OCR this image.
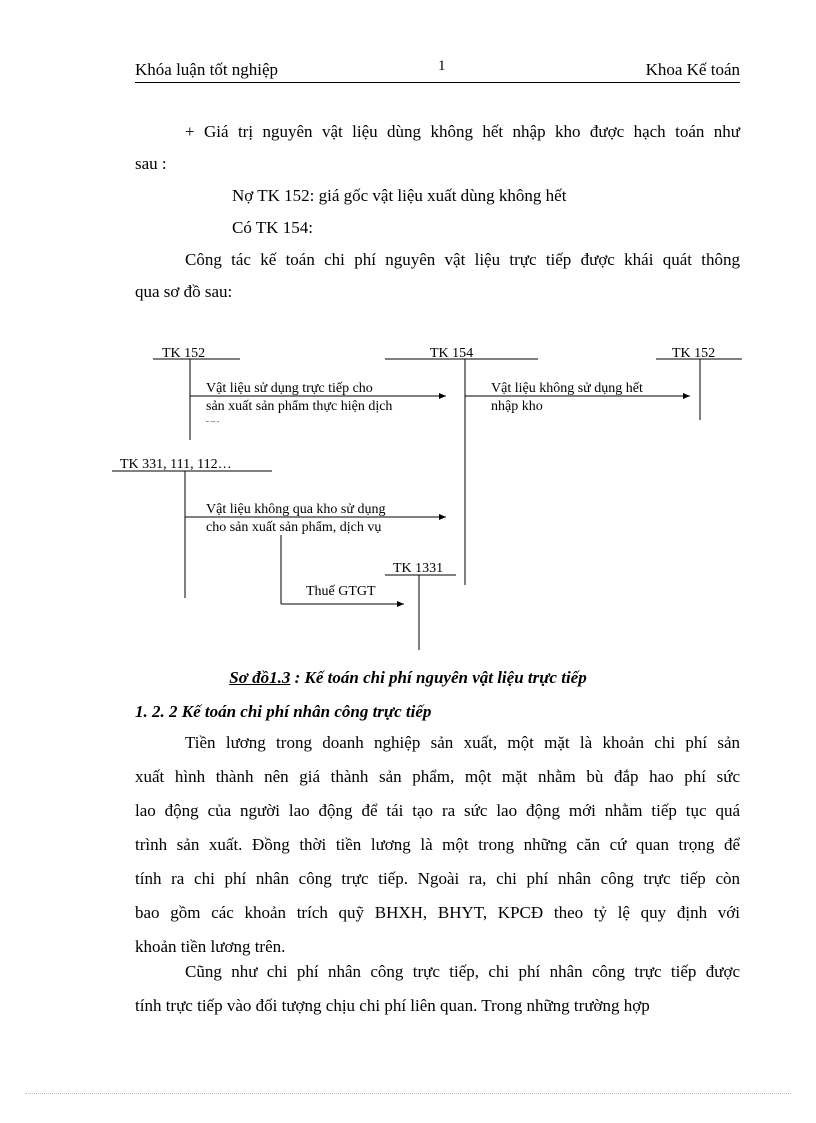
Khóa luận tốt nghiệp	1	Khoa Kế toán
+ Giá trị nguyên vật liệu dùng không hết nhập kho được hạch toán như
sau :
Nợ TK 152: giá gốc vật liệu xuất dùng không hết
Có TK 154:
Công tác kế toán chi phí nguyên vật liệu trực tiếp được khái quát thông
qua sơ đồ sau:
TK 152	TK 154	TK 152
Vật liệu sử dụng trực tiếp cho
sản xuất sản phẩm thực hiện dịch
Vật liệu không sử dụng hết
nhập kho
TK 331, 111, 112…
Vật liệu không qua kho sử dụng
cho sản xuất sản phẩm, dịch vụ
Thuế GTGT
TK 1331
Sơ đồ1.3 : Kế toán chi phí nguyên vật liệu trực tiếp
1. 2. 2 Kế toán chi phí nhân công trực tiếp
Tiền lương trong doanh nghiệp sản xuất, một mặt là khoản chi phí sản
xuất hình thành nên giá thành sản phẩm, một mặt nhằm bù đắp hao phí sức
lao động của người lao động để tái tạo ra sức lao động mới nhằm tiếp tục quá
trình sản xuất. Đồng thời tiền lương là một trong những căn cứ quan trọng để
tính ra chi phí nhân công trực tiếp. Ngoài ra, chi phí nhân công trực tiếp còn
bao gồm các khoản trích quỹ BHXH, BHYT, KPCĐ theo tỷ lệ quy định với
khoản tiền lương trên.
Cũng như chi phí nhân công trực tiếp, chi phí nhân công trực tiếp được
tính trực tiếp vào đối tượng chịu chi phí liên quan. Trong những trường hợp
